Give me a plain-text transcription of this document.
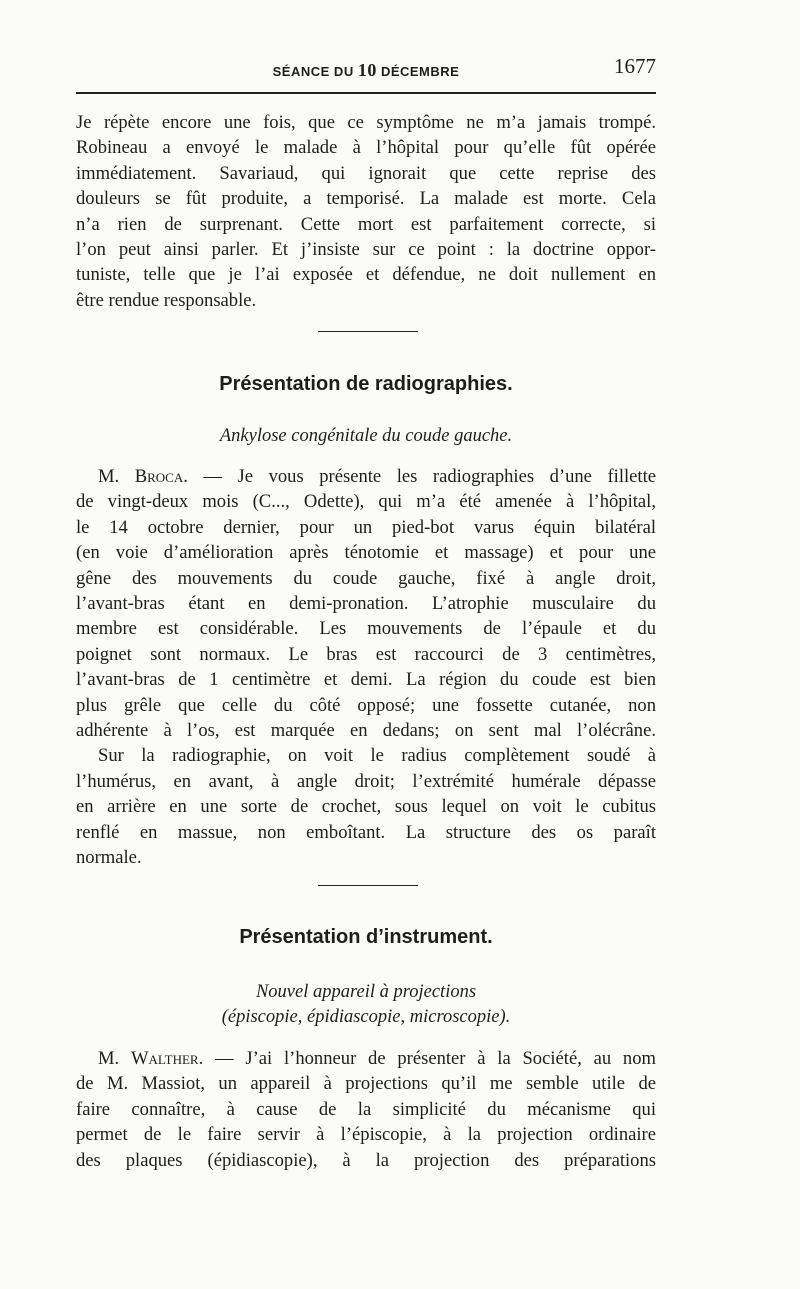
SÉANCE DU 10 DÉCEMBRE	1677

Je répète encore une fois, que ce symptôme ne m’a jamais trompé.
Robineau a envoyé le malade à l’hôpital pour qu’elle fût opérée
immédiatement. Savariaud, qui ignorait que cette reprise des
douleurs se fût produite, a temporisé. La malade est morte. Cela
n’a rien de surprenant. Cette mort est parfaitement correcte, si
l’on peut ainsi parler. Et j’insiste sur ce point : la doctrine oppor-
tuniste, telle que je l’ai exposée et défendue, ne doit nullement en
être rendue responsable.

Présentation de radiographies.
Ankylose congénitale du coude gauche.

M. Broca. — Je vous présente les radiographies d’une fillette
de vingt-deux mois (C..., Odette), qui m’a été amenée à l’hôpital,
le 14 octobre dernier, pour un pied-bot varus équin bilatéral
(en voie d’amélioration après ténotomie et massage) et pour une
gêne des mouvements du coude gauche, fixé à angle droit,
l’avant-bras étant en demi-pronation. L’atrophie musculaire du
membre est considérable. Les mouvements de l’épaule et du
poignet sont normaux. Le bras est raccourci de 3 centimètres,
l’avant-bras de 1 centimètre et demi. La région du coude est bien
plus grêle que celle du côté opposé; une fossette cutanée, non
adhérente à l’os, est marquée en dedans; on sent mal l’olécrâne.

Sur la radiographie, on voit le radius complètement soudé à
l’humérus, en avant, à angle droit; l’extrémité humérale dépasse
en arrière en une sorte de crochet, sous lequel on voit le cubitus
renflé en massue, non emboîtant. La structure des os paraît
normale.

Présentation d’instrument.
Nouvel appareil à projections
(épiscopie, épidiascopie, microscopie).

M. Walther. — J’ai l’honneur de présenter à la Société, au nom
de M. Massiot, un appareil à projections qu’il me semble utile de
faire connaître, à cause de la simplicité du mécanisme qui
permet de le faire servir à l’épiscopie, à la projection ordinaire
des plaques (épidiascopie), à la projection des préparations
